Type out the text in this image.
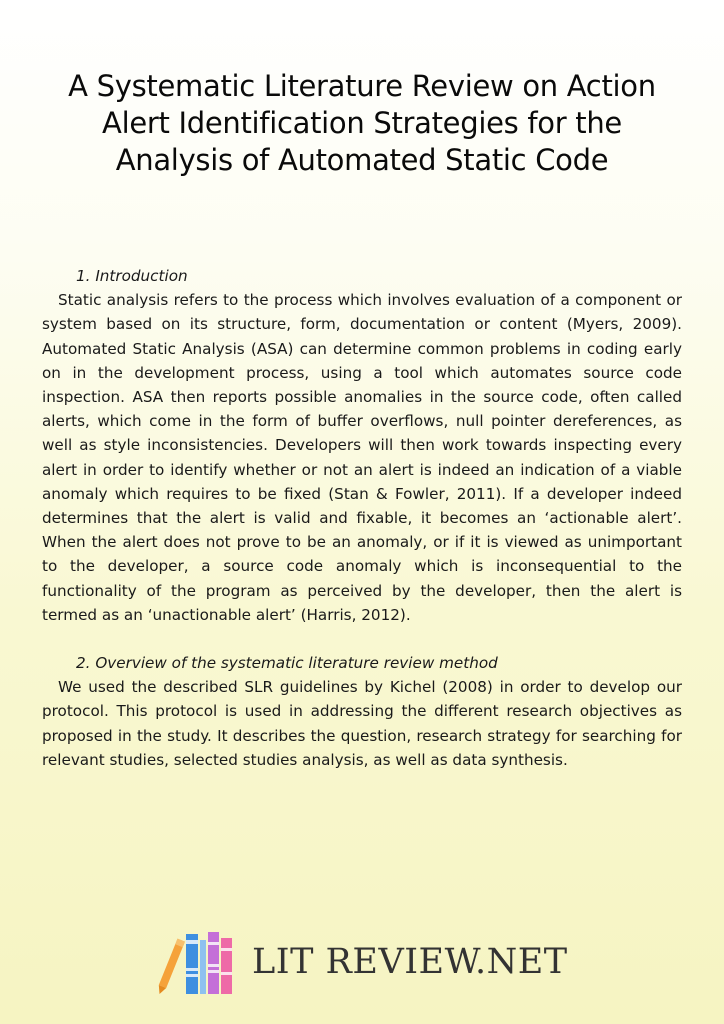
A Systematic Literature Review on Action
Alert Identification Strategies for the
Analysis of Automated Static Code
1. Introduction

Static analysis refers to the process which involves evaluation of a component or system based on its structure, form, documentation or content (Myers, 2009). Automated Static Analysis (ASA) can determine common problems in coding early on in the development process, using a tool which automates source code inspection. ASA then reports possible anomalies in the source code, often called alerts, which come in the form of buffer overflows, null pointer dereferences, as well as style inconsistencies. Developers will then work towards inspecting every alert in order to identify whether or not an alert is indeed an indication of a viable anomaly which requires to be fixed (Stan & Fowler, 2011). If a developer indeed determines that the alert is valid and fixable, it becomes an ‘actionable alert’. When the alert does not prove to be an anomaly, or if it is viewed as unimportant to the developer, a source code anomaly which is inconsequential to the functionality of the program as perceived by the developer, then the alert is termed as an ‘unactionable alert’ (Harris, 2012).

2. Overview of the systematic literature review method

We used the described SLR guidelines by Kichel (2008) in order to develop our protocol. This protocol is used in addressing the different research objectives as proposed in the study. It describes the question, research strategy for searching for relevant studies, selected studies analysis, as well as data synthesis.

LIT REVIEW.NET
